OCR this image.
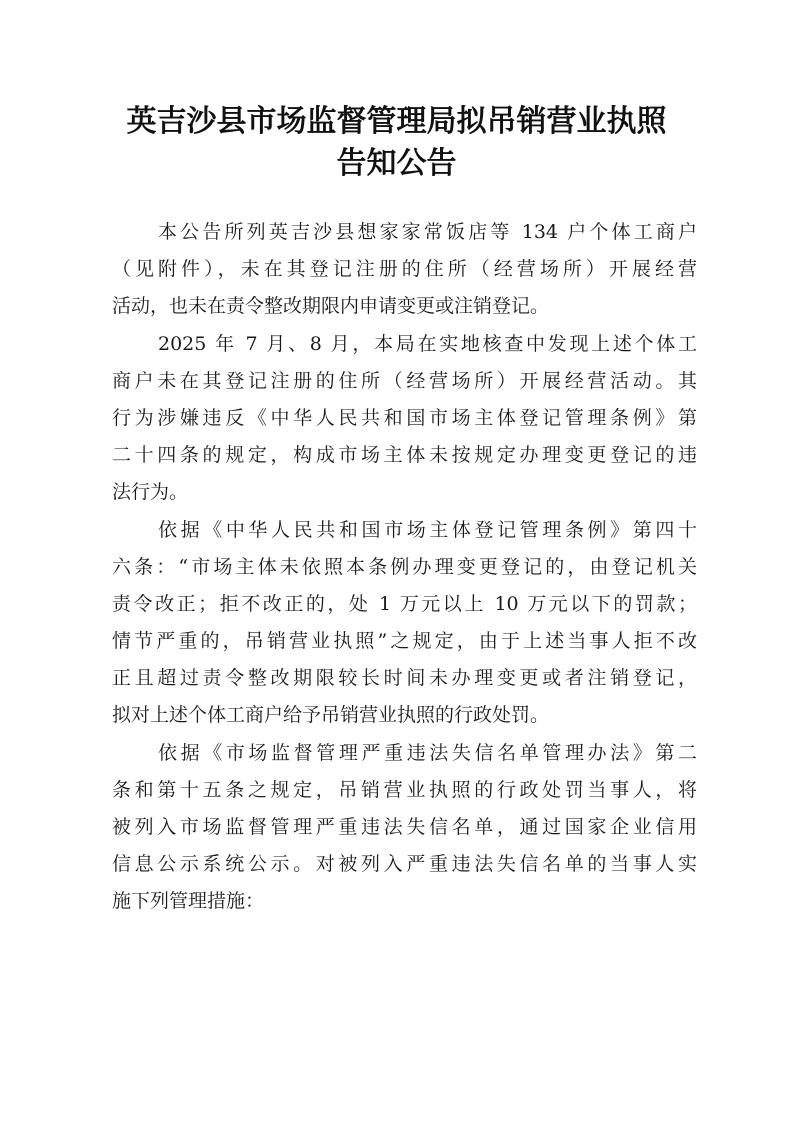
英吉沙县市场监督管理局拟吊销营业执照
告知公告
本公告所列英吉沙县想家家常饭店等 134 户个体工商户
（见附件），未在其登记注册的住所（经营场所）开展经营
活动，也未在责令整改期限内申请变更或注销登记。
2025 年 7 月、8 月，本局在实地核查中发现上述个体工
商户未在其登记注册的住所（经营场所）开展经营活动。其
行为涉嫌违反《中华人民共和国市场主体登记管理条例》第
二十四条的规定，构成市场主体未按规定办理变更登记的违
法行为。
依据《中华人民共和国市场主体登记管理条例》第四十
六条：“市场主体未依照本条例办理变更登记的，由登记机关
责令改正；拒不改正的，处 1 万元以上 10 万元以下的罚款；
情节严重的，吊销营业执照”之规定，由于上述当事人拒不改
正且超过责令整改期限较长时间未办理变更或者注销登记，
拟对上述个体工商户给予吊销营业执照的行政处罚。
依据《市场监督管理严重违法失信名单管理办法》第二
条和第十五条之规定，吊销营业执照的行政处罚当事人，将
被列入市场监督管理严重违法失信名单，通过国家企业信用
信息公示系统公示。对被列入严重违法失信名单的当事人实
施下列管理措施：
